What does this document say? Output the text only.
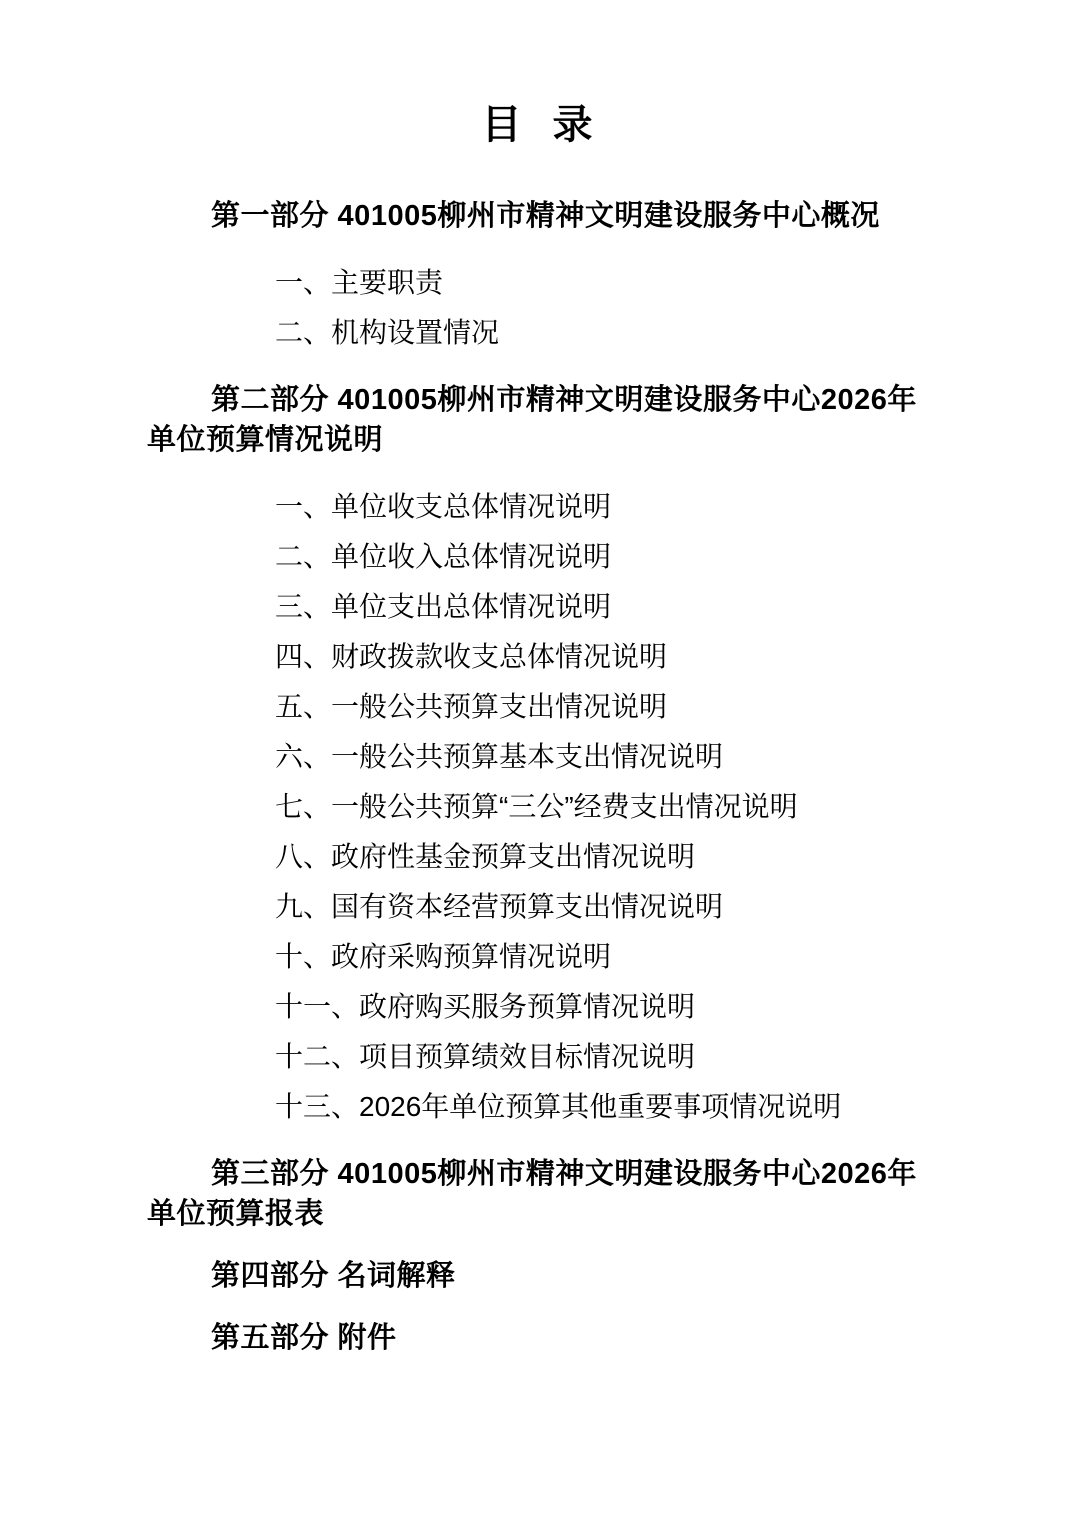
目 录

第一部分 401005柳州市精神文明建设服务中心概况

一、主要职责

二、机构设置情况

第二部分 401005柳州市精神文明建设服务中心2026年单位预算情况说明

一、单位收支总体情况说明

二、单位收入总体情况说明

三、单位支出总体情况说明

四、财政拨款收支总体情况说明

五、一般公共预算支出情况说明

六、一般公共预算基本支出情况说明

七、一般公共预算“三公”经费支出情况说明

八、政府性基金预算支出情况说明

九、国有资本经营预算支出情况说明

十、政府采购预算情况说明

十一、政府购买服务预算情况说明

十二、项目预算绩效目标情况说明

十三、2026年单位预算其他重要事项情况说明

第三部分 401005柳州市精神文明建设服务中心2026年单位预算报表

第四部分 名词解释

第五部分 附件
